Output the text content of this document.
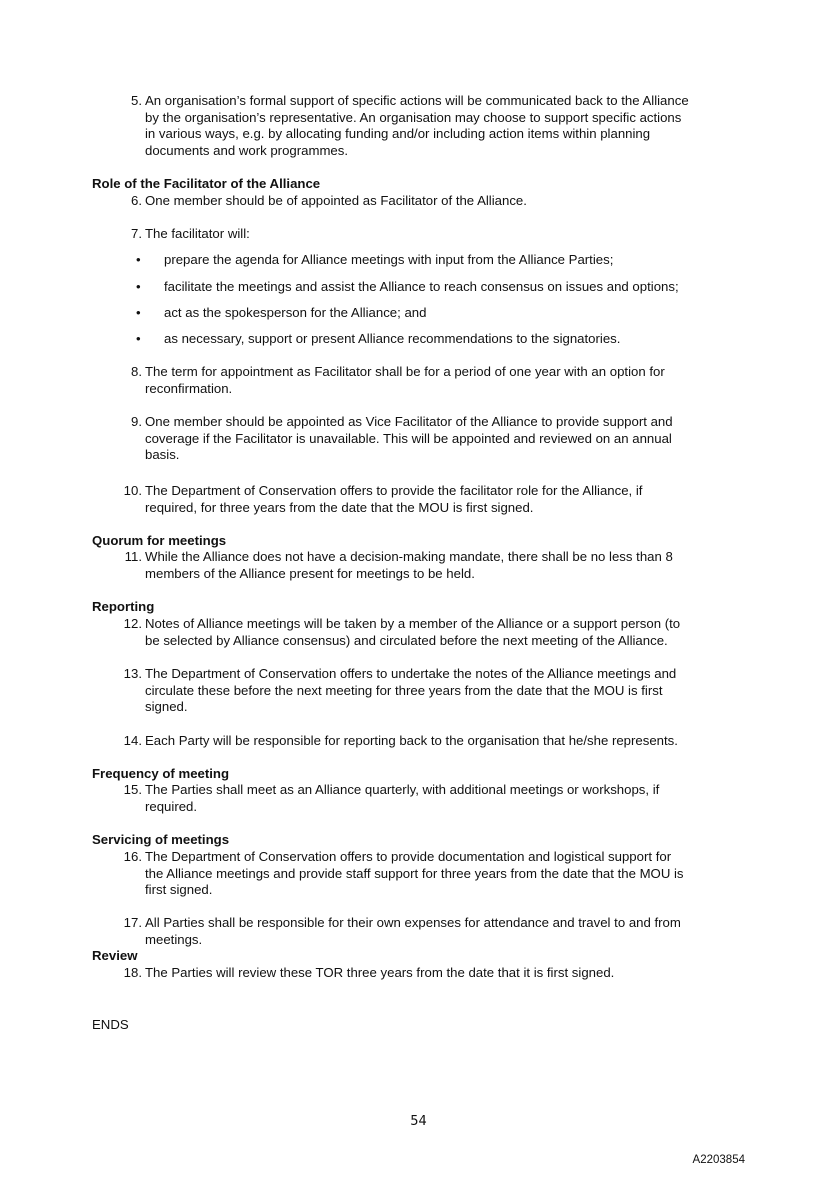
5. An organisation’s formal support of specific actions will be communicated back to the Alliance
by the organisation’s representative. An organisation may choose to support specific actions
in various ways, e.g. by allocating funding and/or including action items within planning
documents and work programmes.
Role of the Facilitator of the Alliance
6. One member should be of appointed as Facilitator of the Alliance.
7. The facilitator will:
• prepare the agenda for Alliance meetings with input from the Alliance Parties;
• facilitate the meetings and assist the Alliance to reach consensus on issues and options;
• act as the spokesperson for the Alliance; and
• as necessary, support or present Alliance recommendations to the signatories.
8. The term for appointment as Facilitator shall be for a period of one year with an option for
reconfirmation.
9. One member should be appointed as Vice Facilitator of the Alliance to provide support and
coverage if the Facilitator is unavailable. This will be appointed and reviewed on an annual
basis.
10. The Department of Conservation offers to provide the facilitator role for the Alliance, if
required, for three years from the date that the MOU is first signed.
Quorum for meetings
11. While the Alliance does not have a decision-making mandate, there shall be no less than 8
members of the Alliance present for meetings to be held.
Reporting
12. Notes of Alliance meetings will be taken by a member of the Alliance or a support person (to
be selected by Alliance consensus) and circulated before the next meeting of the Alliance.
13. The Department of Conservation offers to undertake the notes of the Alliance meetings and
circulate these before the next meeting for three years from the date that the MOU is first
signed.
14. Each Party will be responsible for reporting back to the organisation that he/she represents.
Frequency of meeting
15. The Parties shall meet as an Alliance quarterly, with additional meetings or workshops, if
required.
Servicing of meetings
16. The Department of Conservation offers to provide documentation and logistical support for
the Alliance meetings and provide staff support for three years from the date that the MOU is
first signed.
17. All Parties shall be responsible for their own expenses for attendance and travel to and from
meetings.
Review
18. The Parties will review these TOR three years from the date that it is first signed.
ENDS
54
A2203854
